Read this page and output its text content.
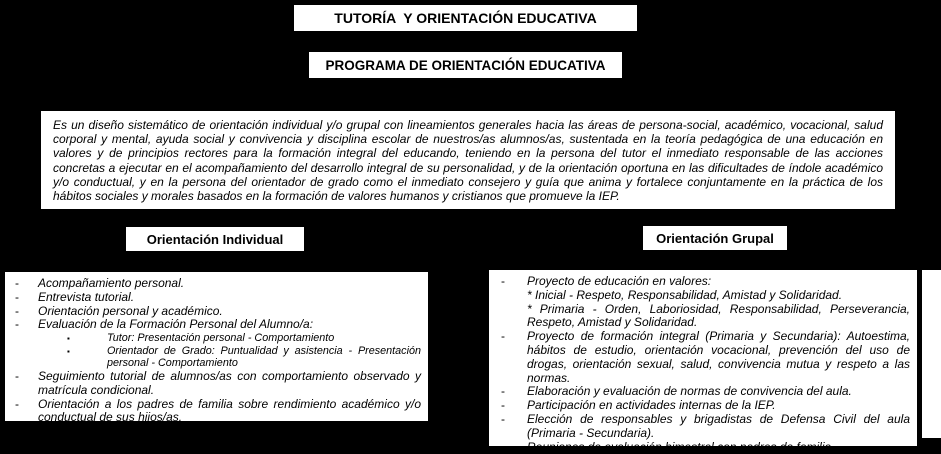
TUTORÍA  Y ORIENTACIÓN EDUCATIVA
PROGRAMA DE ORIENTACIÓN EDUCATIVA

Es un diseño sistemático de orientación individual y/o grupal con lineamientos generales hacia las áreas de persona-social, académico, vocacional, salud corporal y mental, ayuda social y convivencia y disciplina escolar de nuestros/as alumnos/as, sustentada en la teoría pedagógica de una educación en valores y de principios rectores para la formación integral del educando, teniendo en la persona del tutor el inmediato responsable de las acciones concretas a ejecutar en el acompañamiento del desarrollo integral de su personalidad, y de la orientación oportuna en las dificultades de índole académico y/o conductual, y en la persona del orientador de grado como el inmediato consejero y guía que anima y fortalece conjuntamente en la práctica de los hábitos sociales y morales basados en la formación de valores humanos y cristianos que promueve la IEP.

Orientación Individual	Orientación Grupal
- Acompañamiento personal.
- Entrevista tutorial.
- Orientación personal y académico.
- Evaluación de la Formación Personal del Alumno/a:
▪	Tutor: Presentación personal - Comportamiento
▪	Orientador de Grado: Puntualidad y asistencia - Presentación personal - Comportamiento
- Seguimiento tutorial de alumnos/as con comportamiento observado y matrícula condicional.
- Orientación a los padres de familia sobre rendimiento académico y/o conductual de sus hijos/as.
- Proyecto de educación en valores:
* Inicial - Respeto, Responsabilidad, Amistad y Solidaridad.
* Primaria - Orden, Laboriosidad, Responsabilidad, Perseverancia, Respeto, Amistad y Solidaridad.
- Proyecto de formación integral (Primaria y Secundaria): Autoestima, hábitos de estudio, orientación vocacional, prevención del uso de drogas, orientación sexual, salud, convivencia mutua y respeto a las normas.
- Elaboración y evaluación de normas de convivencia del aula.
- Participación en actividades internas de la IEP.
- Elección de responsables y brigadistas de Defensa Civil del aula (Primaria - Secundaria).
- Reuniones de evaluación bimestral con padres de familia.
